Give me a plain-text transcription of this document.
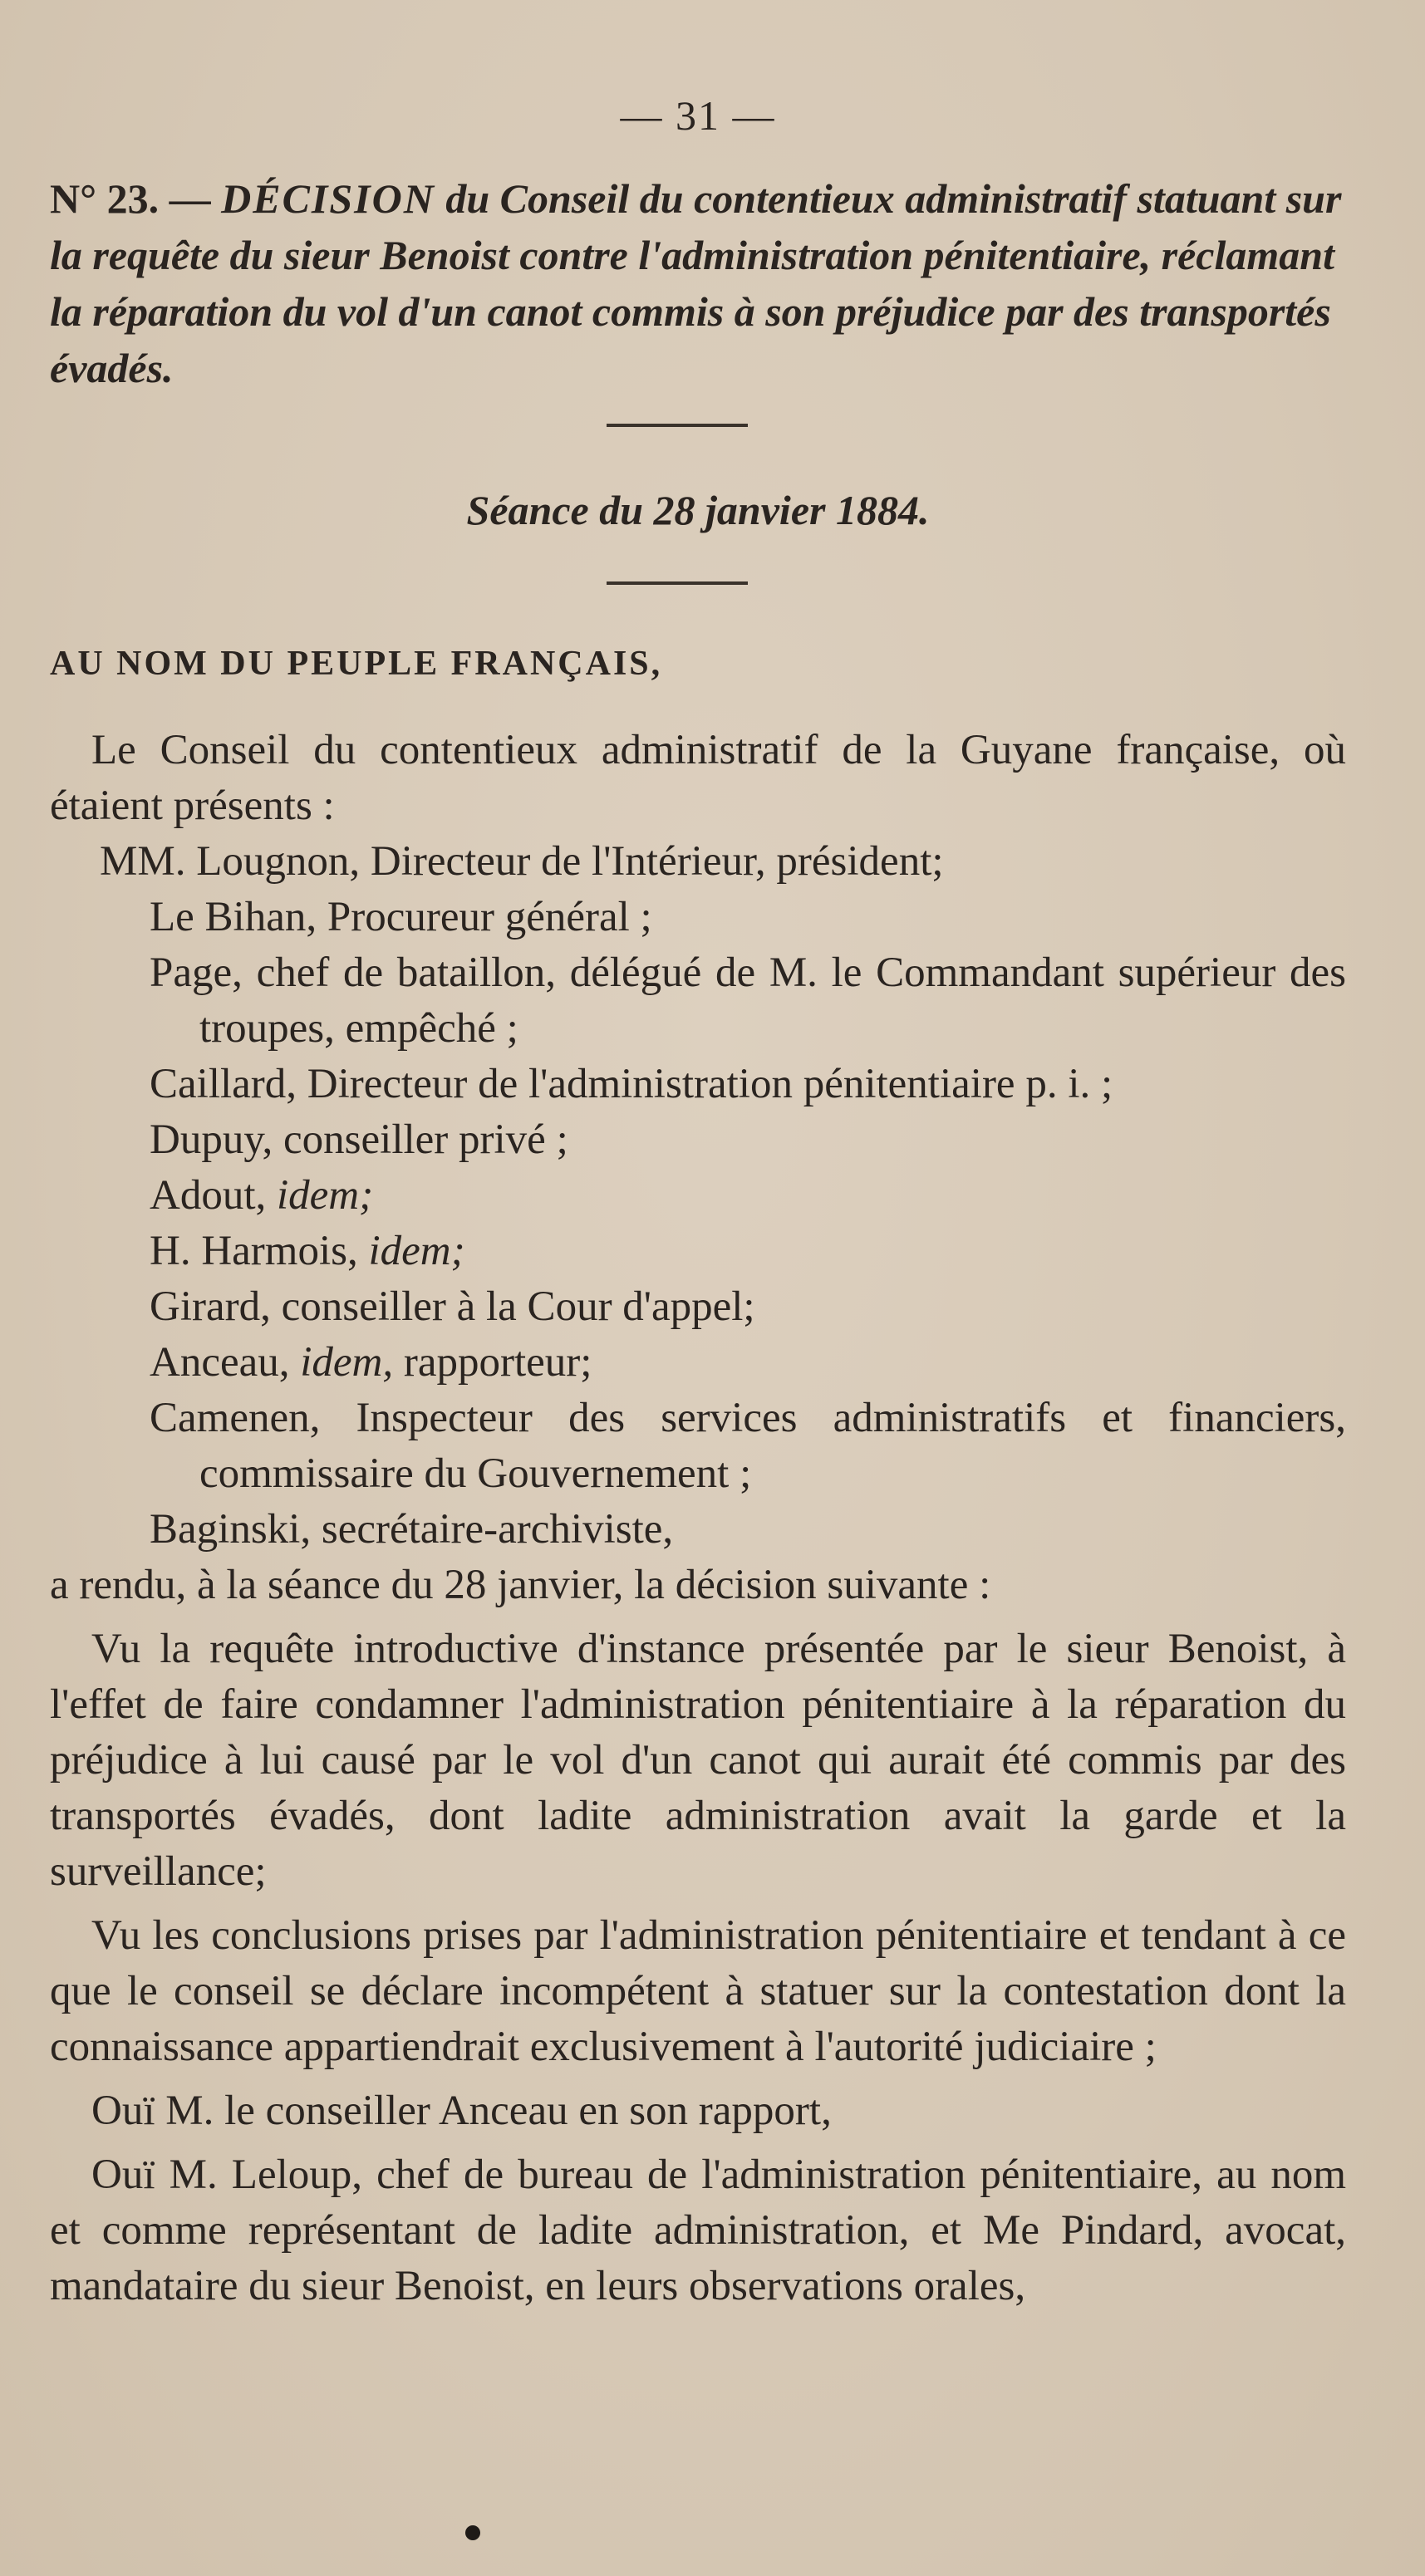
— 31 —
N° 23. — DÉCISION du Conseil du contentieux administratif statuant sur la requête du sieur Benoist contre l'administration pénitentiaire, réclamant la réparation du vol d'un canot commis à son préjudice par des transportés évadés.
Séance du 28 janvier 1884.
AU NOM DU PEUPLE FRANÇAIS,

Le Conseil du contentieux administratif de la Guyane française, où étaient présents :

MM. Lougnon, Directeur de l'Intérieur, président;

Le Bihan, Procureur général ;

Page, chef de bataillon, délégué de M. le Commandant supérieur des troupes, empêché ;

Caillard, Directeur de l'administration pénitentiaire p. i. ;

Dupuy, conseiller privé ;

Adout, idem;

H. Harmois, idem;

Girard, conseiller à la Cour d'appel;

Anceau, idem, rapporteur;

Camenen, Inspecteur des services administratifs et financiers, commissaire du Gouvernement ;

Baginski, secrétaire-archiviste,

a rendu, à la séance du 28 janvier, la décision suivante :

Vu la requête introductive d'instance présentée par le sieur Benoist, à l'effet de faire condamner l'administration pénitentiaire à la réparation du préjudice à lui causé par le vol d'un canot qui aurait été commis par des transportés évadés, dont ladite administration avait la garde et la surveillance;

Vu les conclusions prises par l'administration pénitentiaire et tendant à ce que le conseil se déclare incompétent à statuer sur la contestation dont la connaissance appartiendrait exclusivement à l'autorité judiciaire ;

Ouï M. le conseiller Anceau en son rapport,

Ouï M. Leloup, chef de bureau de l'administration pénitentiaire, au nom et comme représentant de ladite administration, et Me Pindard, avocat, mandataire du sieur Benoist, en leurs observations orales,
